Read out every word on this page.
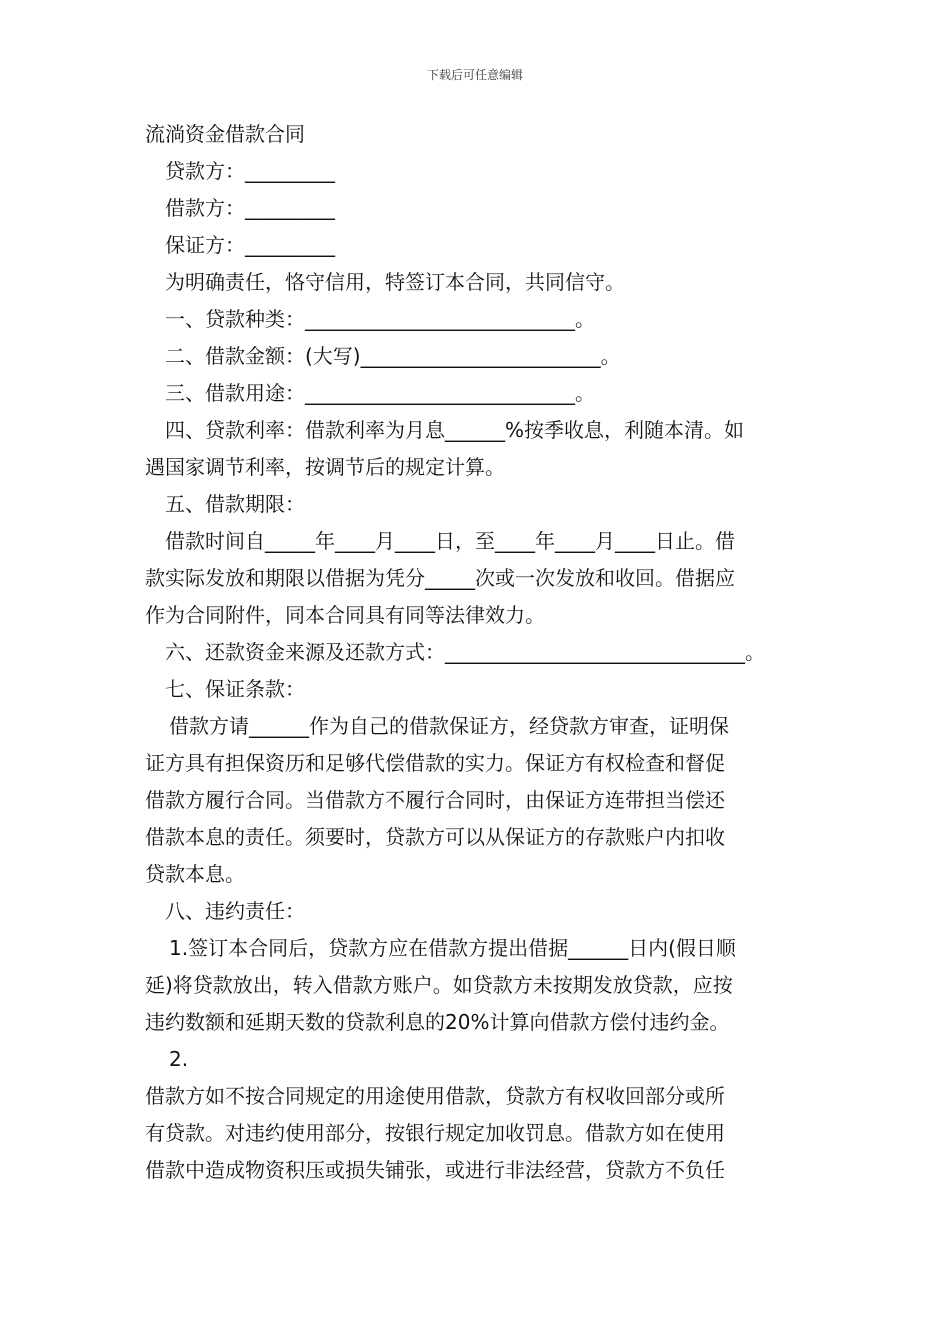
下载后可任意编辑
流淌资金借款合同
贷款方：_________
借款方：_________
保证方：_________
为明确责任，恪守信用，特签订本合同，共同信守。
一、贷款种类：___________________________。
二、借款金额：(大写)________________________。
三、借款用途：___________________________。
四、贷款利率：借款利率为月息______%按季收息，利随本清。如
遇国家调节利率，按调节后的规定计算。
五、借款期限：
借款时间自_____年____月____日，至____年____月____日止。借
款实际发放和期限以借据为凭分_____次或一次发放和收回。借据应
作为合同附件，同本合同具有同等法律效力。
六、还款资金来源及还款方式：______________________________。
七、保证条款：
借款方请______作为自己的借款保证方，经贷款方审查，证明保
证方具有担保资历和足够代偿借款的实力。保证方有权检查和督促
借款方履行合同。当借款方不履行合同时，由保证方连带担当偿还
借款本息的责任。须要时，贷款方可以从保证方的存款账户内扣收
贷款本息。
八、违约责任：
1.签订本合同后，贷款方应在借款方提出借据______日内(假日顺
延)将贷款放出，转入借款方账户。如贷款方未按期发放贷款，应按
违约数额和延期天数的贷款利息的20%计算向借款方偿付违约金。
2.
借款方如不按合同规定的用途使用借款，贷款方有权收回部分或所
有贷款。对违约使用部分，按银行规定加收罚息。借款方如在使用
借款中造成物资积压或损失铺张，或进行非法经营，贷款方不负任
